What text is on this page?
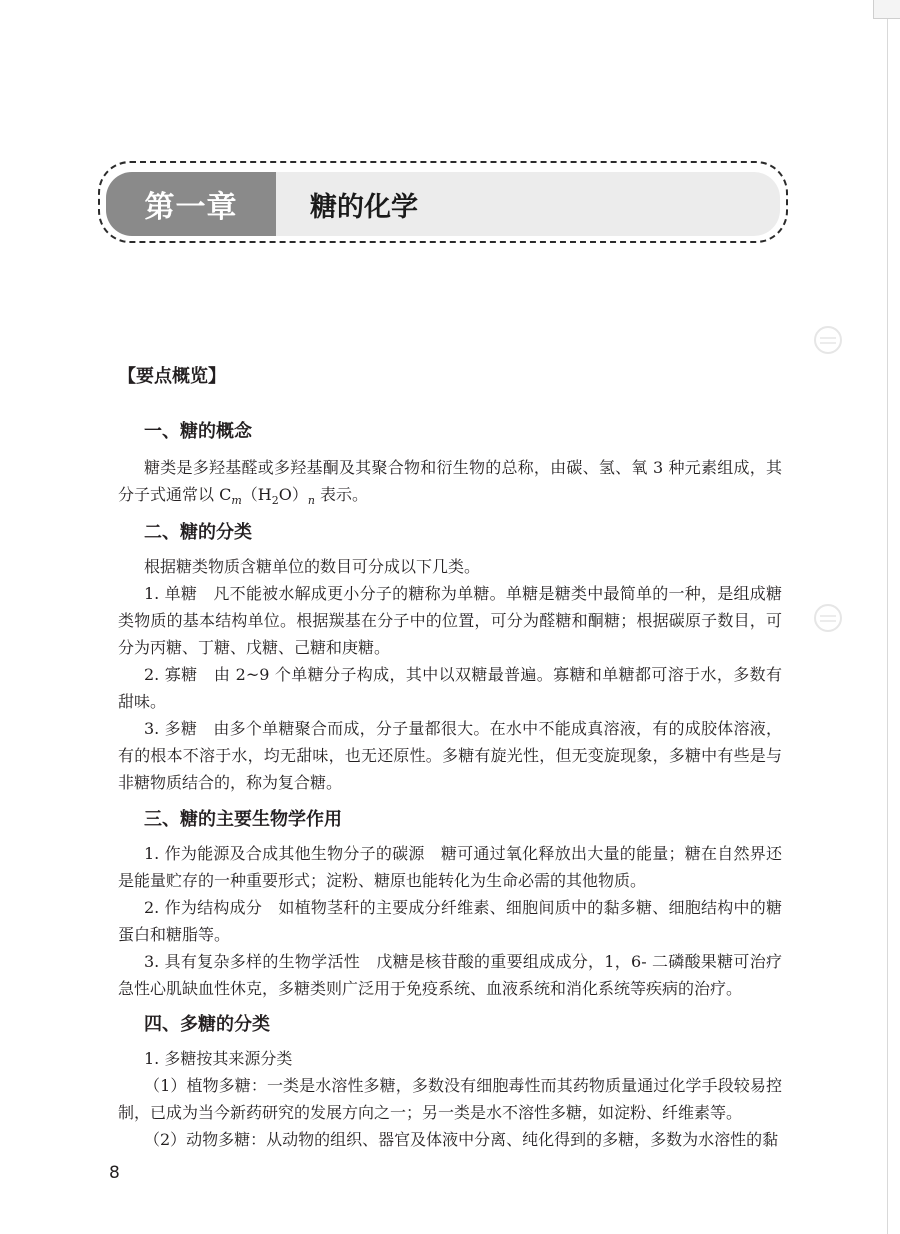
第一章	糖的化学
【要点概览】
一、糖的概念

糖类是多羟基醛或多羟基酮及其聚合物和衍生物的总称，由碳、氢、氧 3 种元素组成，其分子式通常以 $C_m(H_2O)_n$ 表示。

二、糖的分类

根据糖类物质含糖单位的数目可分成以下几类。

1. 单糖　凡不能被水解成更小分子的糖称为单糖。单糖是糖类中最简单的一种，是组成糖类物质的基本结构单位。根据羰基在分子中的位置，可分为醛糖和酮糖；根据碳原子数目，可分为丙糖、丁糖、戊糖、己糖和庚糖。

2. 寡糖　由 2~9 个单糖分子构成，其中以双糖最普遍。寡糖和单糖都可溶于水，多数有甜味。

3. 多糖　由多个单糖聚合而成，分子量都很大。在水中不能成真溶液，有的成胶体溶液，有的根本不溶于水，均无甜味，也无还原性。多糖有旋光性，但无变旋现象，多糖中有些是与非糖物质结合的，称为复合糖。

三、糖的主要生物学作用

1. 作为能源及合成其他生物分子的碳源　糖可通过氧化释放出大量的能量；糖在自然界还是能量贮存的一种重要形式；淀粉、糖原也能转化为生命必需的其他物质。

2. 作为结构成分　如植物茎秆的主要成分纤维素、细胞间质中的黏多糖、细胞结构中的糖蛋白和糖脂等。

3. 具有复杂多样的生物学活性　戊糖是核苷酸的重要组成成分，1，6- 二磷酸果糖可治疗急性心肌缺血性休克，多糖类则广泛用于免疫系统、血液系统和消化系统等疾病的治疗。

四、多糖的分类

1. 多糖按其来源分类

（1）植物多糖：一类是水溶性多糖，多数没有细胞毒性而其药物质量通过化学手段较易控制，已成为当今新药研究的发展方向之一；另一类是水不溶性多糖，如淀粉、纤维素等。

（2）动物多糖：从动物的组织、器官及体液中分离、纯化得到的多糖，多数为水溶性的黏

8
